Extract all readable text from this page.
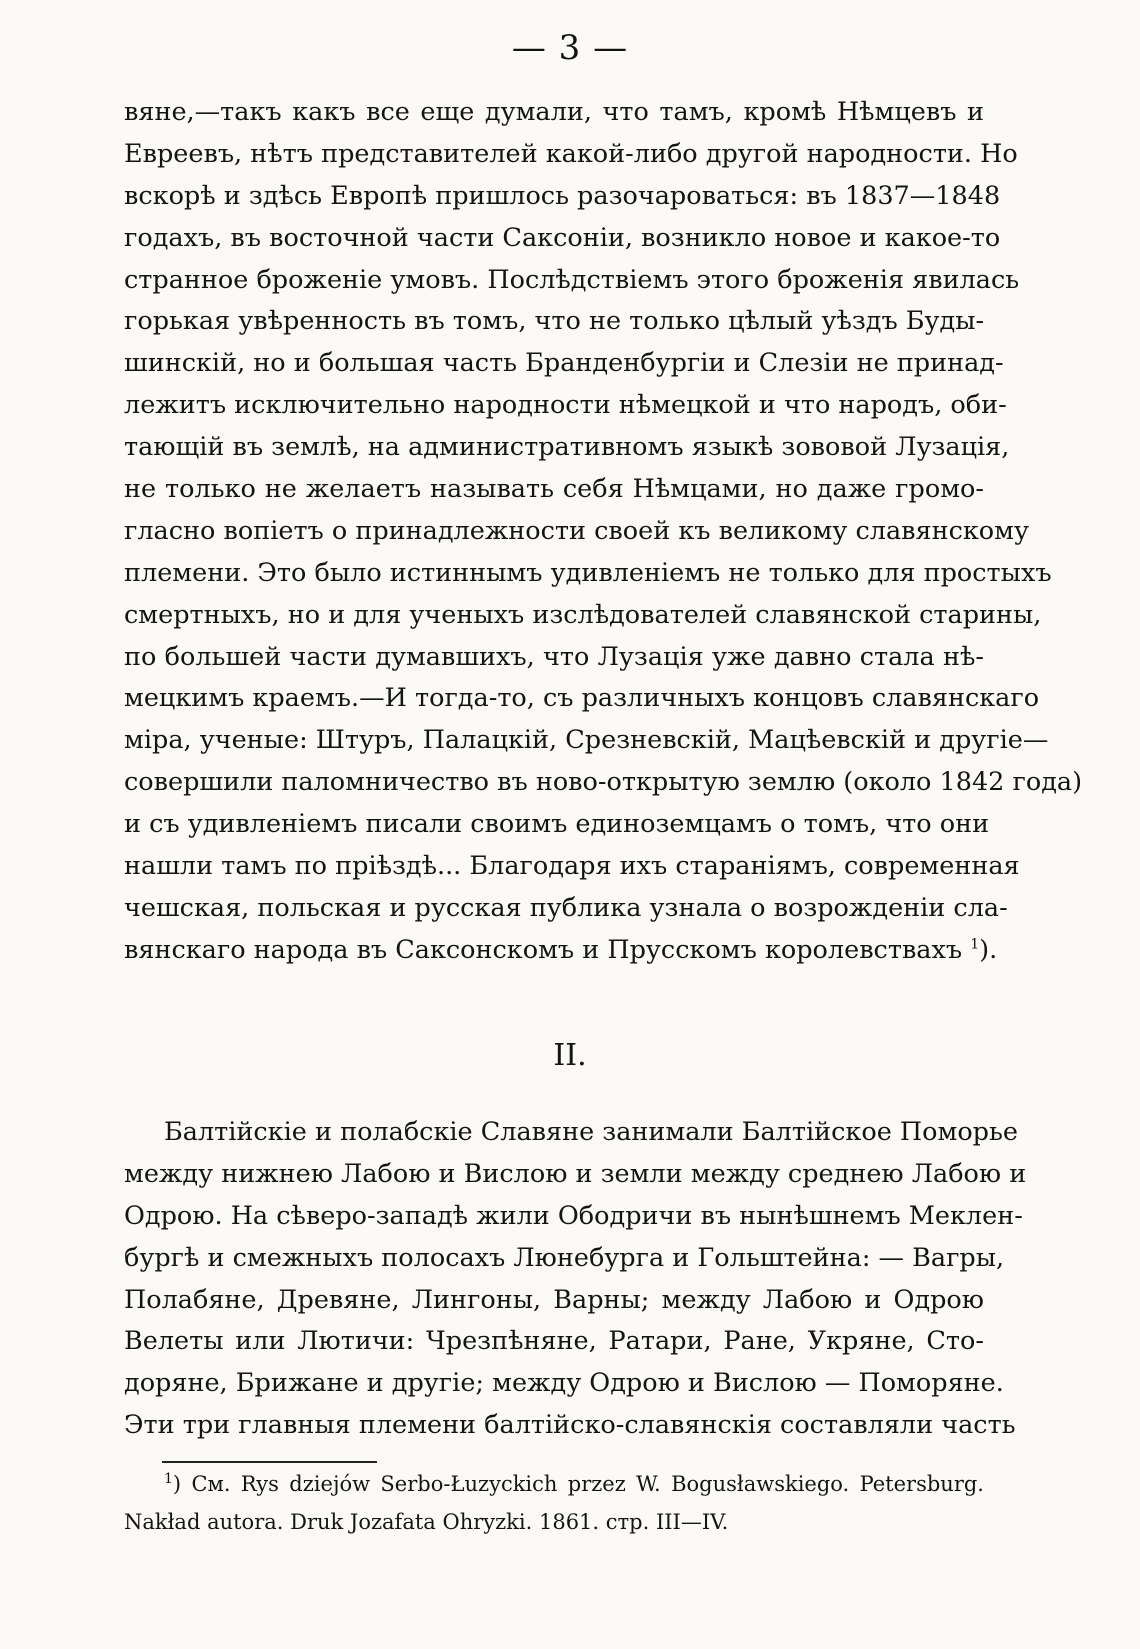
— 3 —
вяне,—такъ какъ все еще думали, что тамъ, кромѣ Нѣмцевъ и
Евреевъ, нѣтъ представителей какой-либо другой народности. Но
вскорѣ и здѣсь Европѣ пришлось разочароваться: въ 1837—1848
годахъ, въ восточной части Саксоніи, возникло новое и какое-то
странное броженіе умовъ. Послѣдствіемъ этого броженія явилась
горькая увѣренность въ томъ, что не только цѣлый уѣздъ Буды-
шинскій, но и большая часть Бранденбургіи и Слезіи не принад-
лежитъ исключительно народности нѣмецкой и что народъ, оби-
тающій въ землѣ, на административномъ языкѣ зововой Лузація,
не только не желаетъ называть себя Нѣмцами, но даже громо-
гласно вопіетъ о принадлежности своей къ великому славянскому
племени. Это было истиннымъ удивленіемъ не только для простыхъ
смертныхъ, но и для ученыхъ изслѣдователей славянской старины,
по большей части думавшихъ, что Лузація уже давно стала нѣ-
мецкимъ краемъ.—И тогда-то, съ различныхъ концовъ славянскаго
міра, ученые: Штуръ, Палацкій, Срезневскій, Мацѣевскій и другіе—
совершили паломничество въ ново-открытую землю (около 1842 года)
и съ удивленіемъ писали своимъ единоземцамъ о томъ, что они
нашли тамъ по пріѣздѣ... Благодаря ихъ стараніямъ, современная
чешская, польская и русская публика узнала о возрожденіи сла-
вянскаго народа въ Саксонскомъ и Прусскомъ королевствахъ $^1$).
II.
Балтійскіе и полабскіе Славяне занимали Балтійское Поморье
между нижнею Лабою и Вислою и земли между среднею Лабою и
Одрою. На сѣверо-западѣ жили Ободричи въ нынѣшнемъ Меклен-
бургѣ и смежныхъ полосахъ Люнебурга и Гольштейна: — Вагры,
Полабяне, Древяне, Лингоны, Варны; между Лабою и Одрою
Велеты или Лютичи: Чрезпѣняне, Ратари, Ране, Укряне, Сто-
доряне, Брижане и другіе; между Одрою и Вислою — Поморяне.
Эти три главныя племени балтійско-славянскія составляли часть
$^1$) См. Rys dziejów Serbo-Łuzyckich przez W. Bogusławskiego. Petersburg.
Nakład autora. Druk Jozafata Ohryzki. 1861. стр. III—IV.
